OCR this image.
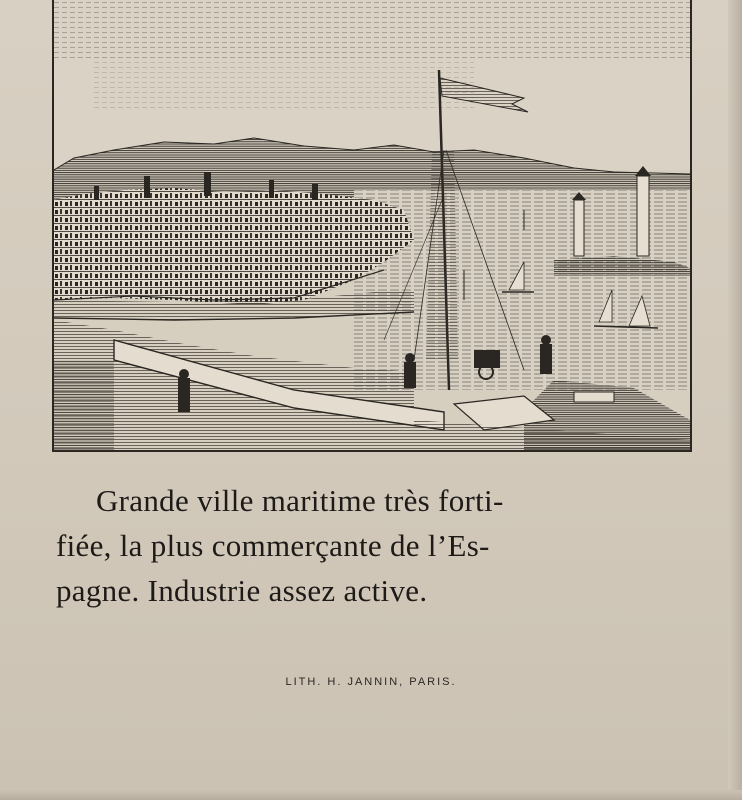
Grande ville maritime très forti-
fiée, la plus commerçante de l’Es-
pagne. Industrie assez active.
LITH. H. JANNIN, PARIS.
